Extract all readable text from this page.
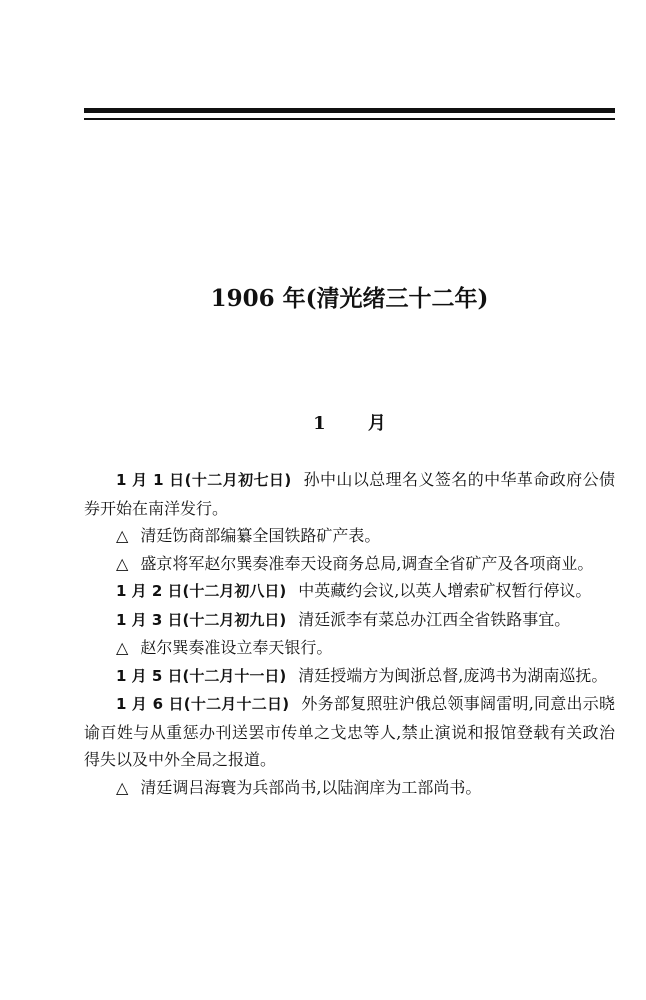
1906 年(清光绪三十二年)
1 月

1 月 1 日(十二月初七日) 孙中山以总理名义签名的中华革命政府公债券开始在南洋发行。

△ 清廷饬商部编纂全国铁路矿产表。

△ 盛京将军赵尔巽奏准奉天设商务总局,调查全省矿产及各项商业。

1 月 2 日(十二月初八日) 中英藏约会议,以英人增索矿权暂行停议。

1 月 3 日(十二月初九日) 清廷派李有菜总办江西全省铁路事宜。

△ 赵尔巽奏准设立奉天银行。

1 月 5 日(十二月十一日) 清廷授端方为闽浙总督,庞鸿书为湖南巡抚。

1 月 6 日(十二月十二日) 外务部复照驻沪俄总领事阔雷明,同意出示晓谕百姓与从重惩办刊送罢市传单之戈忠等人,禁止演说和报馆登载有关政治得失以及中外全局之报道。

△ 清廷调吕海寰为兵部尚书,以陆润庠为工部尚书。
